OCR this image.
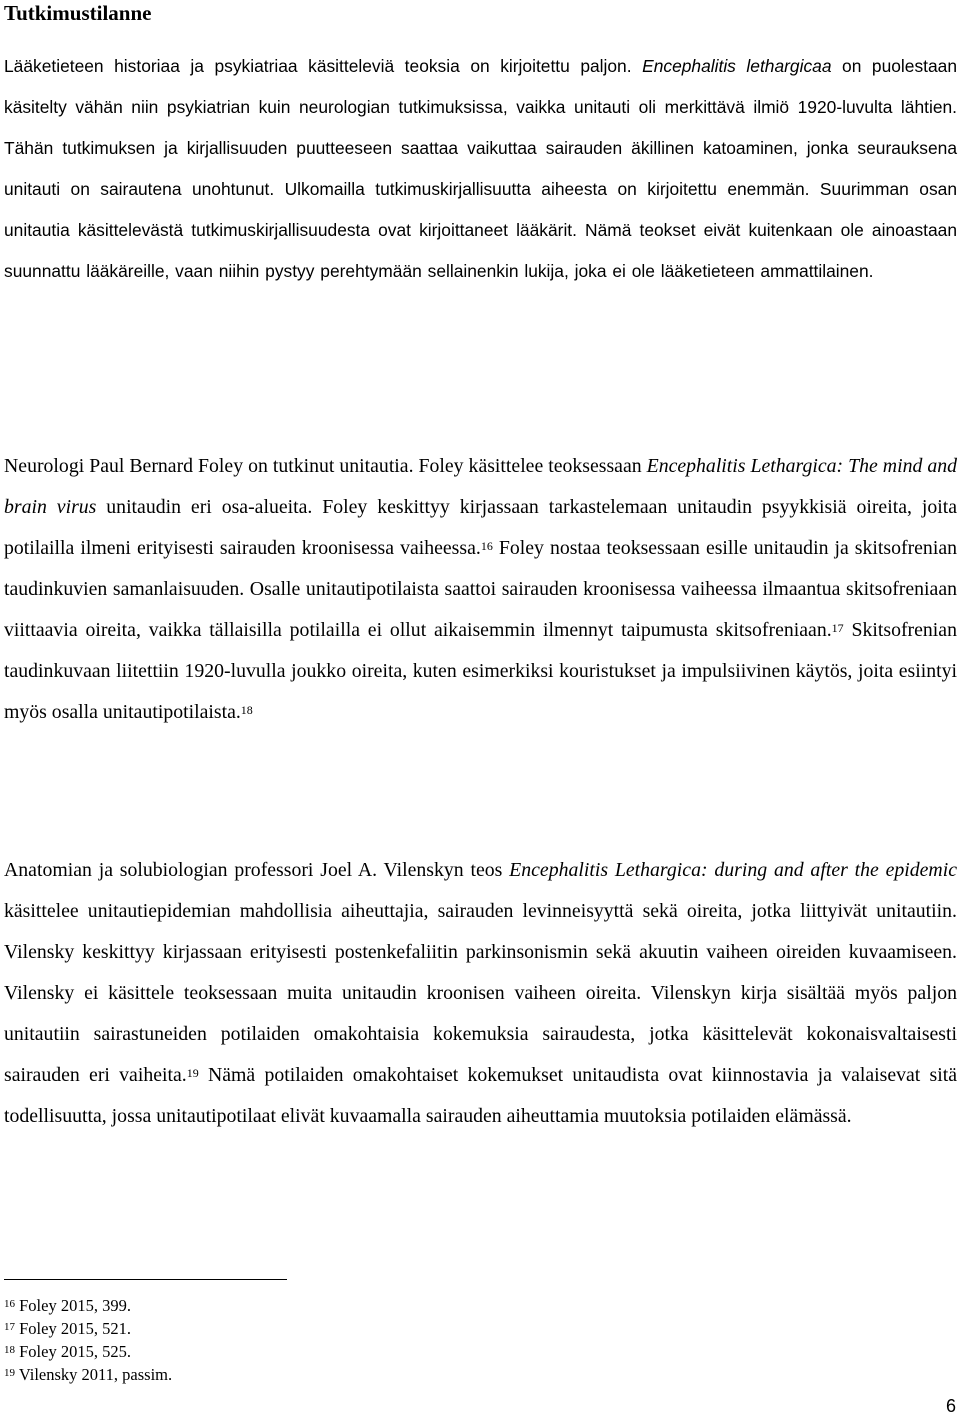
Tutkimustilanne

Lääketieteen historiaa ja psykiatriaa käsitteleviä teoksia on kirjoitettu paljon. Encephalitis lethargicaa on puolestaan käsitelty vähän niin psykiatrian kuin neurologian tutkimuksissa, vaikka unitauti oli merkittävä ilmiö 1920-luvulta lähtien. Tähän tutkimuksen ja kirjallisuuden puutteeseen saattaa vaikuttaa sairauden äkillinen katoaminen, jonka seurauksena unitauti on sairautena unohtunut. Ulkomailla tutkimuskirjallisuutta aiheesta on kirjoitettu enemmän. Suurimman osan unitautia käsittelevästä tutkimuskirjallisuudesta ovat kirjoittaneet lääkärit. Nämä teokset eivät kuitenkaan ole ainoastaan suunnattu lääkäreille, vaan niihin pystyy perehtymään sellainenkin lukija, joka ei ole lääketieteen ammattilainen.

Neurologi Paul Bernard Foley on tutkinut unitautia. Foley käsittelee teoksessaan Encephalitis Lethargica: The mind and brain virus unitaudin eri osa-alueita. Foley keskittyy kirjassaan tarkastelemaan unitaudin psyykkisiä oireita, joita potilailla ilmeni erityisesti sairauden kroonisessa vaiheessa.$^{16}$ Foley nostaa teoksessaan esille unitaudin ja skitsofrenian taudinkuvien samanlaisuuden. Osalle unitautipotilaista saattoi sairauden kroonisessa vaiheessa ilmaantua skitsofreniaan viittaavia oireita, vaikka tällaisilla potilailla ei ollut aikaisemmin ilmennyt taipumusta skitsofreniaan.$^{17}$ Skitsofrenian taudinkuvaan liitettiin 1920-luvulla joukko oireita, kuten esimerkiksi kouristukset ja impulsiivinen käytös, joita esiintyi myös osalla unitautipotilaista.$^{18}$

Anatomian ja solubiologian professori Joel A. Vilenskyn teos Encephalitis Lethargica: during and after the epidemic käsittelee unitautiepidemian mahdollisia aiheuttajia, sairauden levinneisyyttä sekä oireita, jotka liittyivät unitautiin. Vilensky keskittyy kirjassaan erityisesti postenkefaliitin parkinsonismin sekä akuutin vaiheen oireiden kuvaamiseen. Vilensky ei käsittele teoksessaan muita unitaudin kroonisen vaiheen oireita. Vilenskyn kirja sisältää myös paljon unitautiin sairastuneiden potilaiden omakohtaisia kokemuksia sairaudesta, jotka käsittelevät kokonaisvaltaisesti sairauden eri vaiheita.$^{19}$ Nämä potilaiden omakohtaiset kokemukset unitaudista ovat kiinnostavia ja valaisevat sitä todellisuutta, jossa unitautipotilaat elivät kuvaamalla sairauden aiheuttamia muutoksia potilaiden elämässä.

$^{16}$ Foley 2015, 399.
$^{17}$ Foley 2015, 521.
$^{18}$ Foley 2015, 525.
$^{19}$ Vilensky 2011, passim.
6
